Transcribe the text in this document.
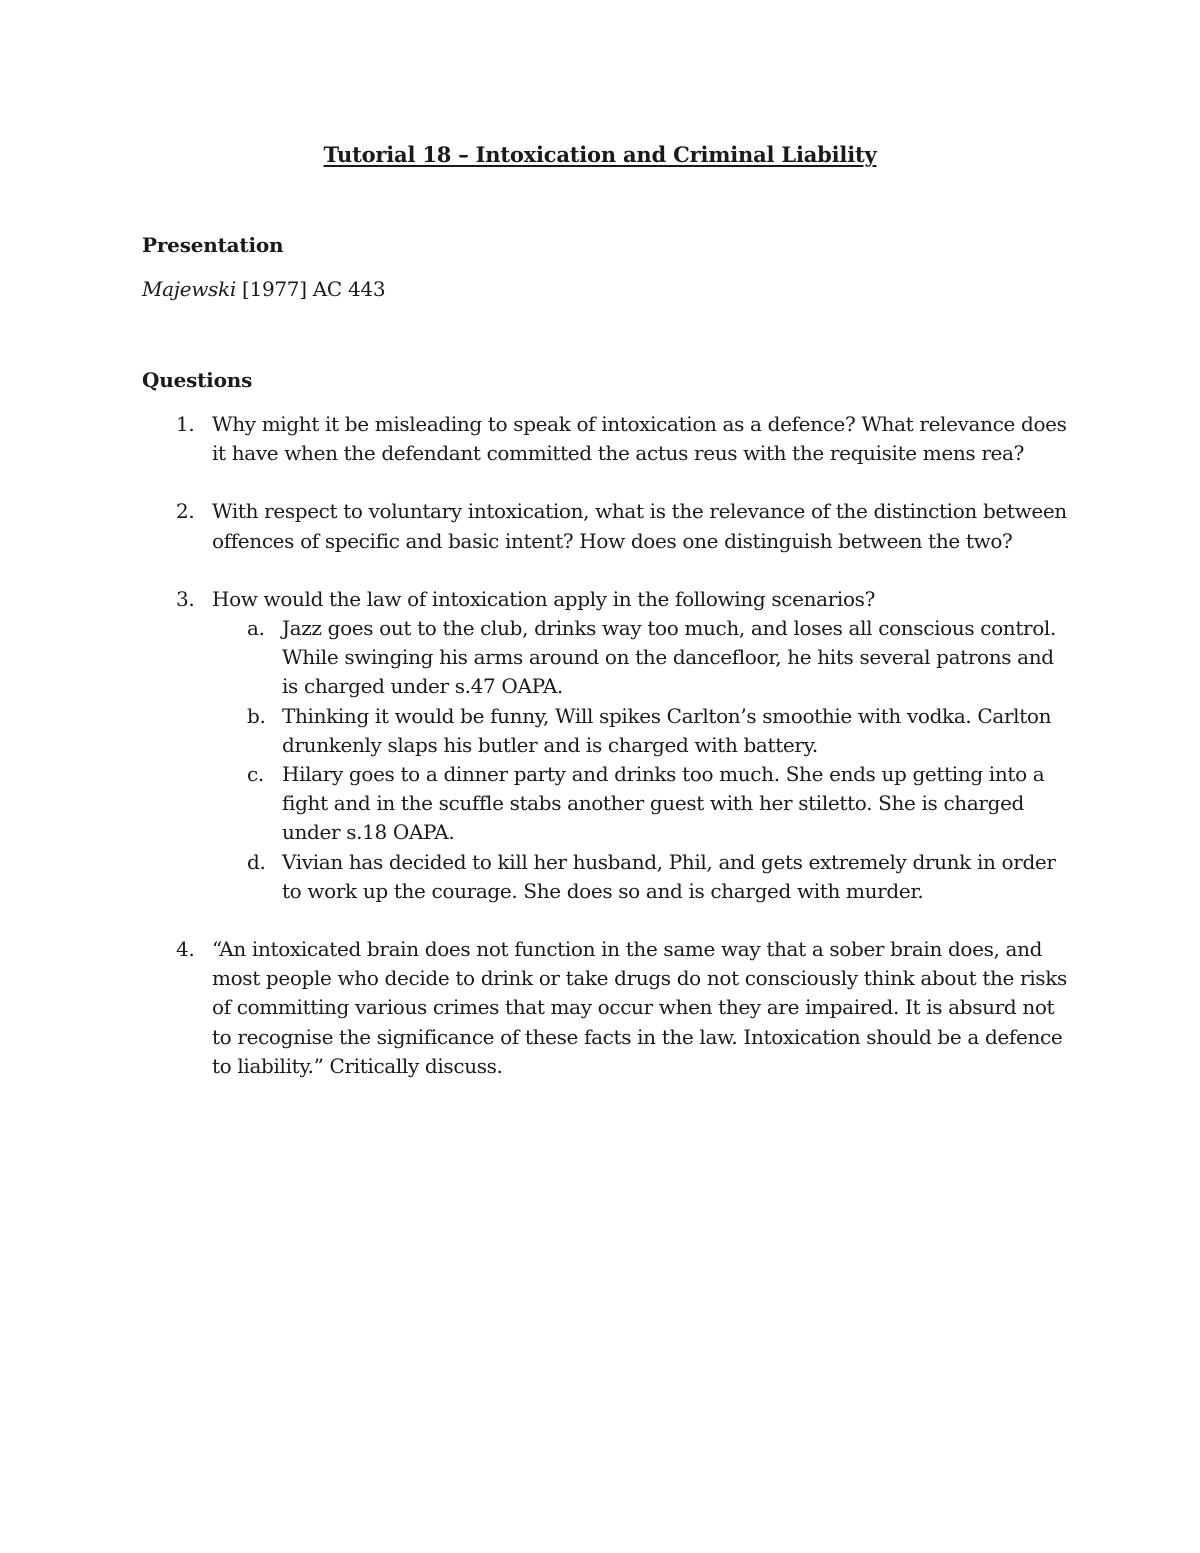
Tutorial 18 – Intoxication and Criminal Liability
Presentation
Majewski [1977] AC 443
Questions
1. Why might it be misleading to speak of intoxication as a defence? What relevance does it have when the defendant committed the actus reus with the requisite mens rea?
2. With respect to voluntary intoxication, what is the relevance of the distinction between offences of specific and basic intent? How does one distinguish between the two?
3. How would the law of intoxication apply in the following scenarios?
a. Jazz goes out to the club, drinks way too much, and loses all conscious control. While swinging his arms around on the dancefloor, he hits several patrons and is charged under s.47 OAPA.
b. Thinking it would be funny, Will spikes Carlton’s smoothie with vodka. Carlton drunkenly slaps his butler and is charged with battery.
c. Hilary goes to a dinner party and drinks too much. She ends up getting into a fight and in the scuffle stabs another guest with her stiletto. She is charged under s.18 OAPA.
d. Vivian has decided to kill her husband, Phil, and gets extremely drunk in order to work up the courage. She does so and is charged with murder.
4. “An intoxicated brain does not function in the same way that a sober brain does, and most people who decide to drink or take drugs do not consciously think about the risks of committing various crimes that may occur when they are impaired. It is absurd not to recognise the significance of these facts in the law. Intoxication should be a defence to liability.” Critically discuss.
